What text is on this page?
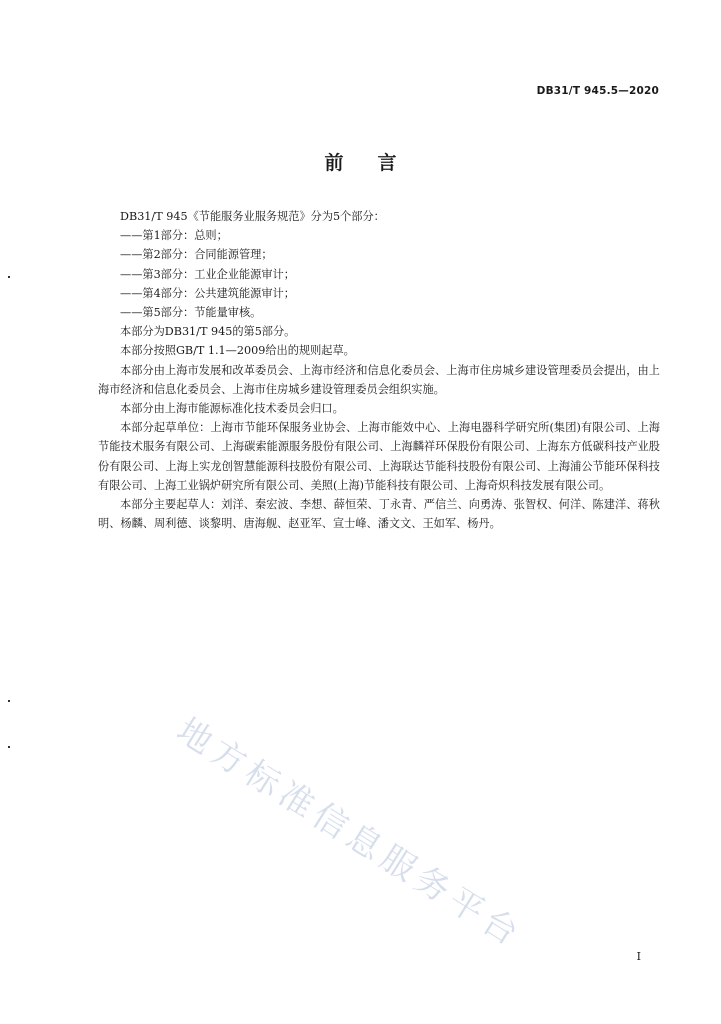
DB31/T 945.5—2020
前言

DB31/T 945《节能服务业服务规范》分为5个部分：

——第1部分：总则；

——第2部分：合同能源管理；

——第3部分：工业企业能源审计；

——第4部分：公共建筑能源审计；

——第5部分：节能量审核。

本部分为DB31/T 945的第5部分。

本部分按照GB/T 1.1—2009给出的规则起草。

本部分由上海市发展和改革委员会、上海市经济和信息化委员会、上海市住房城乡建设管理委员会提出，由上海市经济和信息化委员会、上海市住房城乡建设管理委员会组织实施。

本部分由上海市能源标准化技术委员会归口。

本部分起草单位：上海市节能环保服务业协会、上海市能效中心、上海电器科学研究所(集团)有限公司、上海节能技术服务有限公司、上海碳索能源服务股份有限公司、上海麟祥环保股份有限公司、上海东方低碳科技产业股份有限公司、上海上实龙创智慧能源科技股份有限公司、上海联达节能科技股份有限公司、上海浦公节能环保科技有限公司、上海工业锅炉研究所有限公司、美照(上海)节能科技有限公司、上海奇炽科技发展有限公司。

本部分主要起草人：刘洋、秦宏波、李想、薛恒荣、丁永青、严信兰、向勇涛、张智权、何洋、陈建洋、蒋秋明、杨麟、周利德、谈黎明、唐海舰、赵亚军、宣士峰、潘文文、王如军、杨丹。

地方标准信息服务平台
I
